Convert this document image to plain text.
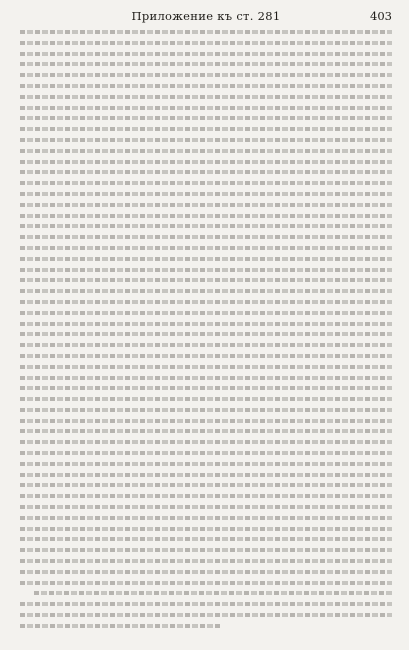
Приложение къ ст. 281	403
